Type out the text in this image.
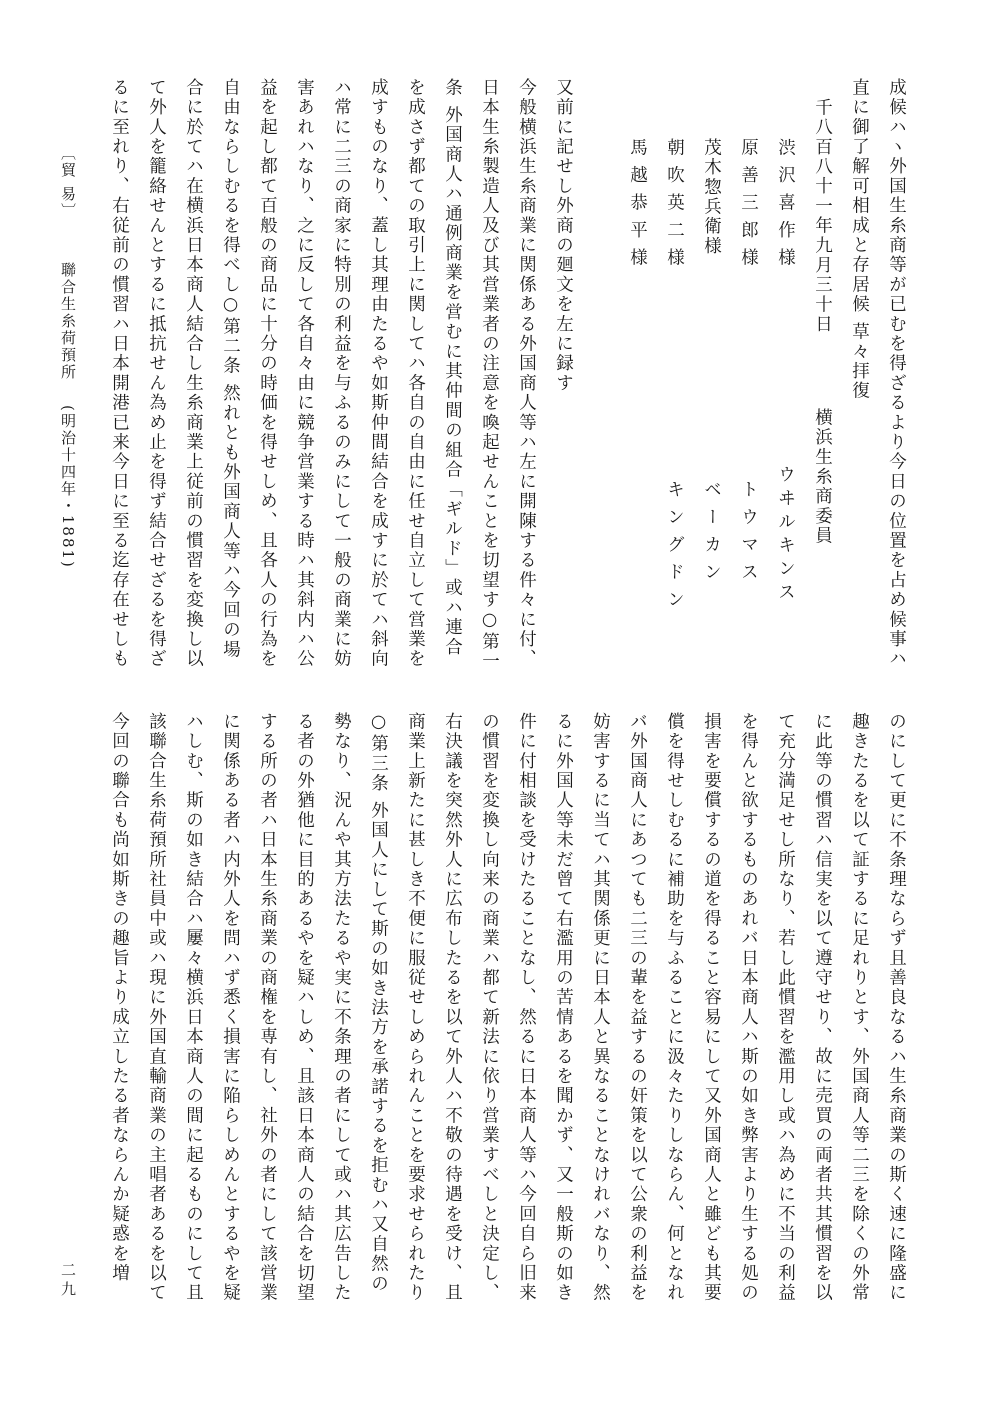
成候ハヽ外国生糸商等が已むを得ざるより今日の位置を占め候事ハ
直に御了解可相成と存居候 草々拝復
千八百八十一年九月三十日
横浜生糸商委員
ウヰルキンス
トウマス
ベーカン
キングドン
渋 沢 喜 作 様
原 善 三 郎 様
茂木惣兵衛様
朝 吹 英 二 様
馬 越 恭 平 様
又前に記せし外商の廻文を左に録す
今般横浜生糸商業に関係ある外国商人等ハ左に開陳する件々に付、
日本生糸製造人及び其営業者の注意を喚起せんことを切望す○第一
条 外国商人ハ通例商業を営むに其仲間の組合「ギルド」或ハ連合
を成さず都ての取引上に関してハ各自の自由に任せ自立して営業を
成すものなり、蓋し其理由たるや如斯仲間結合を成すに於てハ斜向
ハ常に二三の商家に特別の利益を与ふるのみにして一般の商業に妨
害あれハなり、之に反して各自々由に競争営業する時ハ其斜内ハ公
益を起し都て百般の商品に十分の時価を得せしめ、且各人の行為を
自由ならしむるを得べし○第二条 然れとも外国商人等ハ今回の場
合に於てハ在横浜日本商人結合し生糸商業上従前の慣習を変換し以
て外人を籠絡せんとするに抵抗せん為め止を得ず結合せざるを得ざ
るに至れり、右従前の慣習ハ日本開港已来今日に至る迄存在せしも
〔貿 易〕
聯合生糸荷預所
(明治十四年・1881)
のにして更に不条理ならず且善良なるハ生糸商業の斯く速に隆盛に
趣きたるを以て証するに足れりとす、外国商人等二三を除くの外常
に此等の慣習ハ信実を以て遵守せり、故に売買の両者共其慣習を以
て充分満足せし所なり、若し此慣習を濫用し或ハ為めに不当の利益
を得んと欲するものあれバ日本商人ハ斯の如き弊害より生する処の
損害を要償するの道を得ること容易にして又外国商人と雖ども其要
償を得せしむるに補助を与ふることに汲々たりしならん、何となれ
バ外国商人にあつても二三の輩を益するの奸策を以て公衆の利益を
妨害するに当てハ其関係更に日本人と異なることなけれバなり、然
るに外国人等未だ曾て右濫用の苦情あるを聞かず、又一般斯の如き
件に付相談を受けたることなし、然るに日本商人等ハ今回自ら旧来
の慣習を変換し向来の商業ハ都て新法に依り営業すべしと決定し、
右決議を突然外人に広布したるを以て外人ハ不敬の待遇を受け、且
商業上新たに甚しき不便に服従せしめられんことを要求せられたり
○第三条 外国人にして斯の如き法方を承諾するを拒むハ又自然の
勢なり、況んや其方法たるや実に不条理の者にして或ハ其広告した
る者の外猶他に目的あるやを疑ハしめ、且該日本商人の結合を切望
する所の者ハ日本生糸商業の商権を専有し、社外の者にして該営業
に関係ある者ハ内外人を問ハず悉く損害に陥らしめんとするやを疑
ハしむ、斯の如き結合ハ屢々横浜日本商人の間に起るものにして且
該聯合生糸荷預所社員中或ハ現に外国直輸商業の主唱者あるを以て
今回の聯合も尚如斯きの趣旨より成立したる者ならんか疑惑を増
二九
